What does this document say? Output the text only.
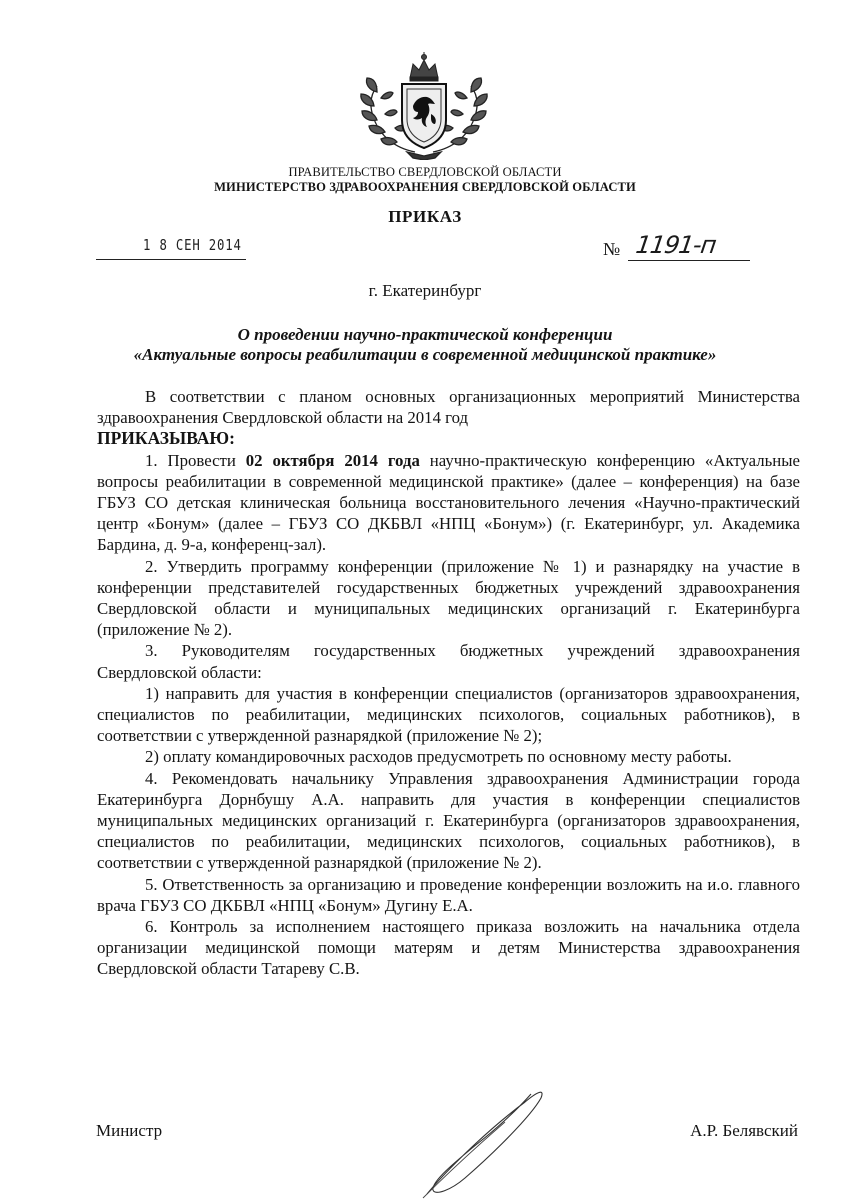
ПРАВИТЕЛЬСТВО СВЕРДЛОВСКОЙ ОБЛАСТИ
МИНИСТЕРСТВО ЗДРАВООХРАНЕНИЯ СВЕРДЛОВСКОЙ ОБЛАСТИ
ПРИКАЗ
1 8 СЕН 2014	№ 1191-п
г. Екатеринбург
О проведении научно-практической конференции
«Актуальные вопросы реабилитации в современной медицинской практике»

В соответствии с планом основных организационных мероприятий Министерства здравоохранения Свердловской области на 2014 год

ПРИКАЗЫВАЮ:

1. Провести 02 октября 2014 года научно-практическую конференцию «Актуальные вопросы реабилитации в современной медицинской практике» (далее – конференция) на базе ГБУЗ СО детская клиническая больница восстановительного лечения «Научно-практический центр «Бонум» (далее – ГБУЗ СО ДКБВЛ «НПЦ «Бонум») (г. Екатеринбург, ул. Академика Бардина, д. 9-а, конференц-зал).

2. Утвердить программу конференции (приложение № 1) и разнарядку на участие в конференции представителей государственных бюджетных учреждений здравоохранения Свердловской области и муниципальных медицинских организаций г. Екатеринбурга (приложение № 2).

3. Руководителям государственных бюджетных учреждений здравоохранения Свердловской области:

1) направить для участия в конференции специалистов (организаторов здравоохранения, специалистов по реабилитации, медицинских психологов, социальных работников), в соответствии с утвержденной разнарядкой (приложение № 2);

2) оплату командировочных расходов предусмотреть по основному месту работы.

4. Рекомендовать начальнику Управления здравоохранения Администрации города Екатеринбурга Дорнбушу А.А. направить для участия в конференции специалистов муниципальных медицинских организаций г. Екатеринбурга (организаторов здравоохранения, специалистов по реабилитации, медицинских психологов, социальных работников), в соответствии с утвержденной разнарядкой (приложение № 2).

5. Ответственность за организацию и проведение конференции возложить на и.о. главного врача ГБУЗ СО ДКБВЛ «НПЦ «Бонум» Дугину Е.А.

6. Контроль за исполнением настоящего приказа возложить на начальника отдела организации медицинской помощи матерям и детям Министерства здравоохранения Свердловской области Татареву С.В.

Министр	А.Р. Белявский
